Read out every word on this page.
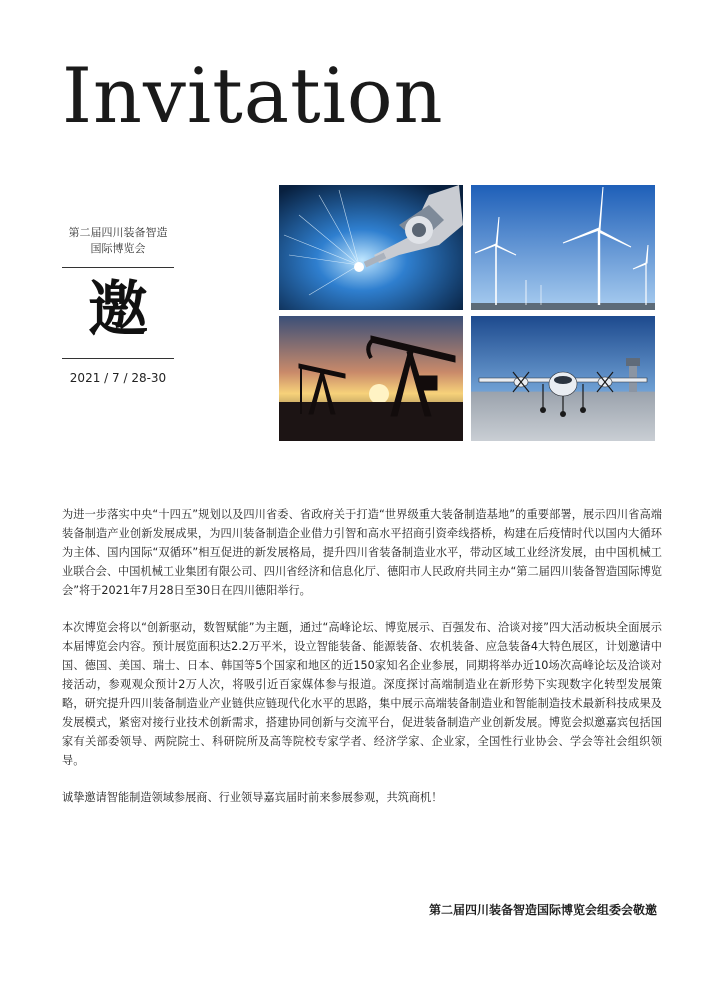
Invitation
第二届四川装备智造
国际博览会
邀
2021 / 7 / 28-30

为进一步落实中央“十四五”规划以及四川省委、省政府关于打造“世界级重大装备制造基地”的重要部署，展示四川省高端装备制造产业创新发展成果，为四川装备制造企业借力引智和高水平招商引资牵线搭桥，构建在后疫情时代以国内大循环为主体、国内国际“双循环”相互促进的新发展格局，提升四川省装备制造业水平，带动区域工业经济发展，由中国机械工业联合会、中国机械工业集团有限公司、四川省经济和信息化厅、德阳市人民政府共同主办“第二届四川装备智造国际博览会”将于2021年7月28日至30日在四川德阳举行。

本次博览会将以“创新驱动，数智赋能”为主题，通过“高峰论坛、博览展示、百强发布、洽谈对接”四大活动板块全面展示本届博览会内容。预计展览面积达2.2万平米，设立智能装备、能源装备、农机装备、应急装备4大特色展区，计划邀请中国、德国、美国、瑞士、日本、韩国等5个国家和地区的近150家知名企业参展，同期将举办近10场次高峰论坛及洽谈对接活动，参观观众预计2万人次，将吸引近百家媒体参与报道。深度探讨高端制造业在新形势下实现数字化转型发展策略，研究提升四川装备制造业产业链供应链现代化水平的思路，集中展示高端装备制造业和智能制造技术最新科技成果及发展模式，紧密对接行业技术创新需求，搭建协同创新与交流平台，促进装备制造产业创新发展。博览会拟邀嘉宾包括国家有关部委领导、两院院士、科研院所及高等院校专家学者、经济学家、企业家，全国性行业协会、学会等社会组织领导。

诚挚邀请智能制造领域参展商、行业领导嘉宾届时前来参展参观，共筑商机！

第二届四川装备智造国际博览会组委会敬邀
